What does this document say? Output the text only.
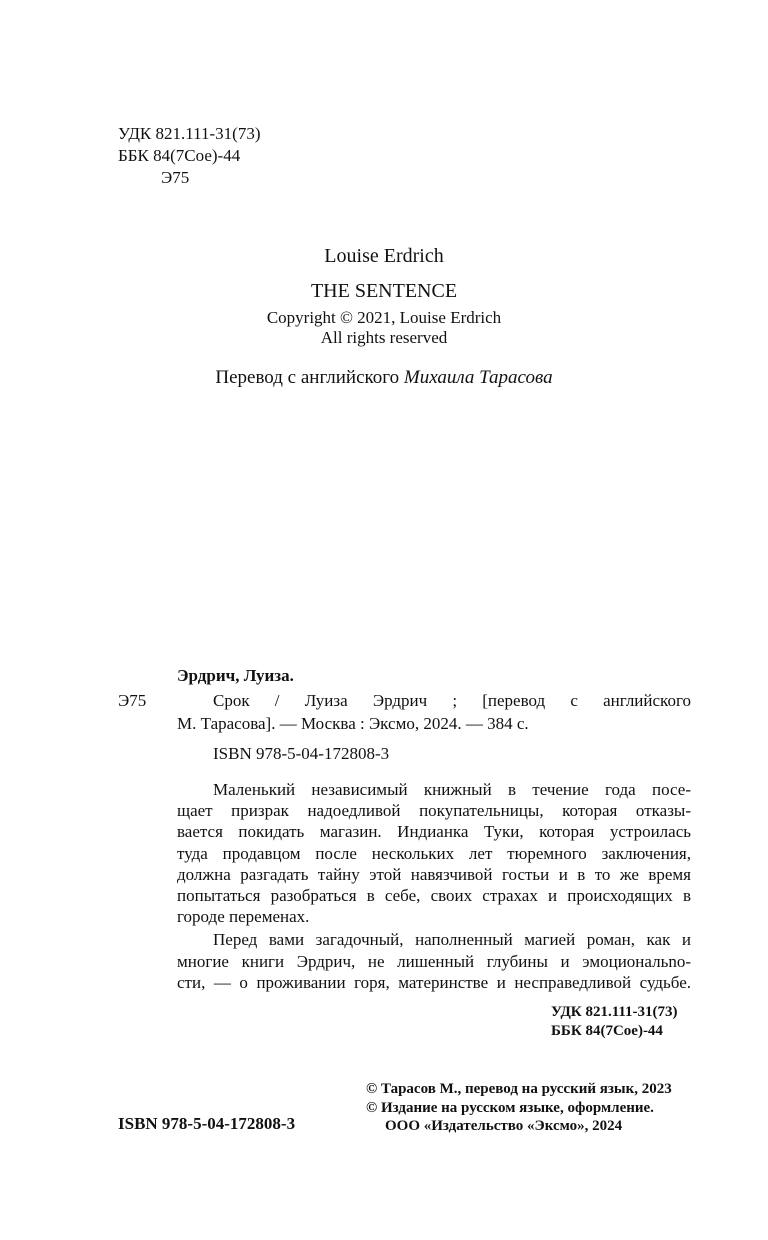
УДК 821.111-31(73)
ББК 84(7Сое)-44
Э75
Louise Erdrich
THE SENTENCE
Copyright © 2021, Louise Erdrich
All rights reserved
Перевод с английского Михаила Тарасова
Эрдрич, Луиза.
Э75	Срок / Луиза Эрдрич ; [перевод с английского
М. Тарасова]. — Москва : Эксмо, 2024. — 384 с.
ISBN 978-5-04-172808-3

Маленький независимый книжный в течение года посе-

щает призрак надоедливой покупательницы, которая отказы-

вается покидать магазин. Индианка Туки, которая устроилась

туда продавцом после нескольких лет тюремного заключения,

должна разгадать тайну этой навязчивой гостьи и в то же время

попытаться разобраться в себе, своих страхах и происходящих в

городе переменах.

Перед вами загадочный, наполненный магией роман, как и

многие книги Эрдрич, не лишенный глубины и эмоциональno-

сти, — о проживании горя, материнстве и несправедливой судьбе.

УДК 821.111-31(73)
ББК 84(7Сое)-44
ISBN 978-5-04-172808-3
© Тарасов М., перевод на русский язык, 2023
© Издание на русском языке, оформление.
ООО «Издательство «Эксмо», 2024
